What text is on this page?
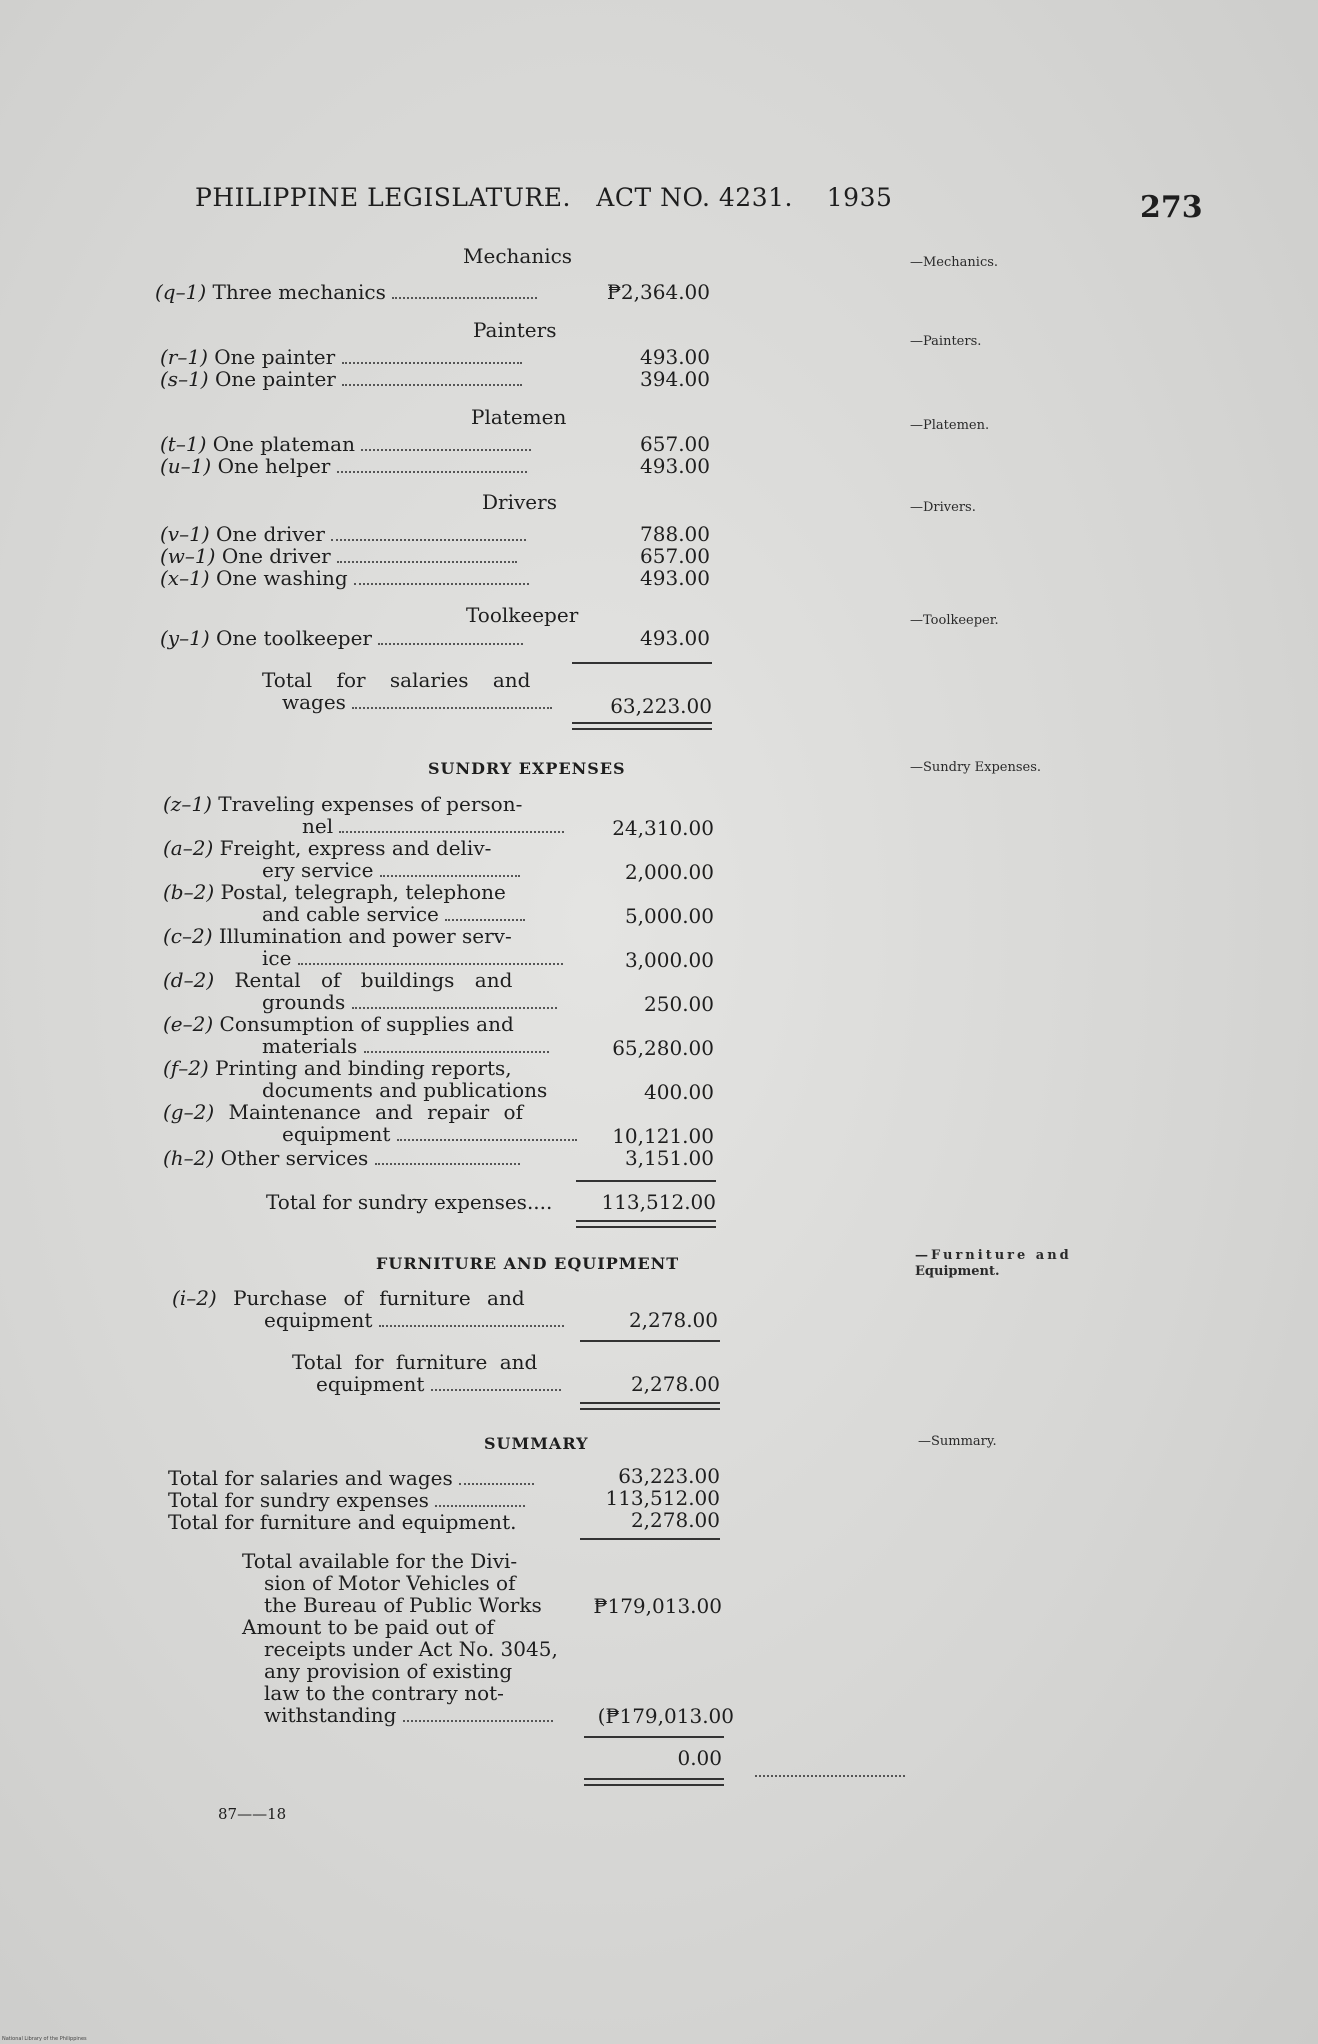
PHILIPPINE LEGISLATURE. ACT NO. 4231. 1935	273
Mechanics	—Mechanics.
(q–1) Three mechanics	₱2,364.00
Painters	—Painters.
(r–1) One painter	493.00
(s–1) One painter	394.00
Platemen	—Platemen.
(t–1) One plateman	657.00
(u–1) One helper	493.00
Drivers	—Drivers.
(v–1) One driver	788.00
(w–1) One driver	657.00
(x–1) One washing	493.00
Toolkeeper	—Toolkeeper.
(y–1) One toolkeeper	493.00
Total for salaries and
wages	63,223.00
SUNDRY EXPENSES	—Sundry Expenses.
(z–1) Traveling expenses of person-
nel	24,310.00
(a–2) Freight, express and deliv-
ery service	2,000.00
(b–2) Postal, telegraph, telephone
and cable service	5,000.00
(c–2) Illumination and power serv-
ice	3,000.00
(d–2) Rental of buildings and
grounds	250.00
(e–2) Consumption of supplies and
materials	65,280.00
(f–2) Printing and binding reports,
documents and publications	400.00
(g–2) Maintenance and repair of
equipment	10,121.00
(h–2) Other services	3,151.00
Total for sundry expenses....	113,512.00
FURNITURE AND EQUIPMENT	—Furniture and
Equipment.
(i–2) Purchase of furniture and
equipment	2,278.00
Total for furniture and
equipment	2,278.00
SUMMARY	—Summary.
Total for salaries and wages	63,223.00
Total for sundry expenses	113,512.00
Total for furniture and equipment.	2,278.00
Total available for the Divi-
sion of Motor Vehicles of
the Bureau of Public Works	₱179,013.00
Amount to be paid out of
receipts under Act No. 3045,
any provision of existing
law to the contrary not-
withstanding	(₱179,013.00
0.00
87——18
National Library of the Philippines
